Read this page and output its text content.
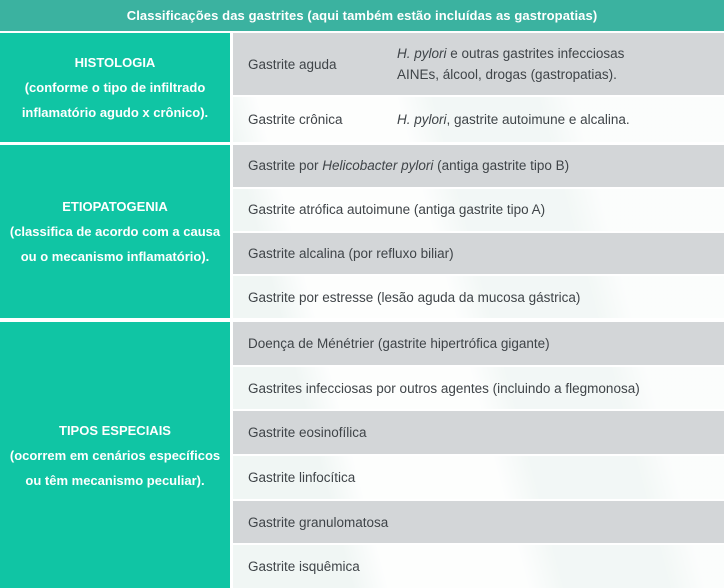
Classificações das gastrites (aqui também estão incluídas as gastropatias)
HISTOLOGIA
(conforme o tipo de infiltrado
inflamatório agudo x crônico).
Gastrite aguda
H. pylori e outras gastrites infecciosas
AINEs, álcool, drogas (gastropatias).
Gastrite crônica	H. pylori, gastrite autoimune e alcalina.
ETIOPATOGENIA
(classifica de acordo com a causa
ou o mecanismo inflamatório).
Gastrite por Helicobacter pylori (antiga gastrite tipo B)
Gastrite atrófica autoimune (antiga gastrite tipo A)
Gastrite alcalina (por refluxo biliar)
Gastrite por estresse (lesão aguda da mucosa gástrica)
TIPOS ESPECIAIS
(ocorrem em cenários específicos
ou têm mecanismo peculiar).
Doença de Ménétrier (gastrite hipertrófica gigante)
Gastrites infecciosas por outros agentes (incluindo a flegmonosa)
Gastrite eosinofílica
Gastrite linfocítica
Gastrite granulomatosa
Gastrite isquêmica
